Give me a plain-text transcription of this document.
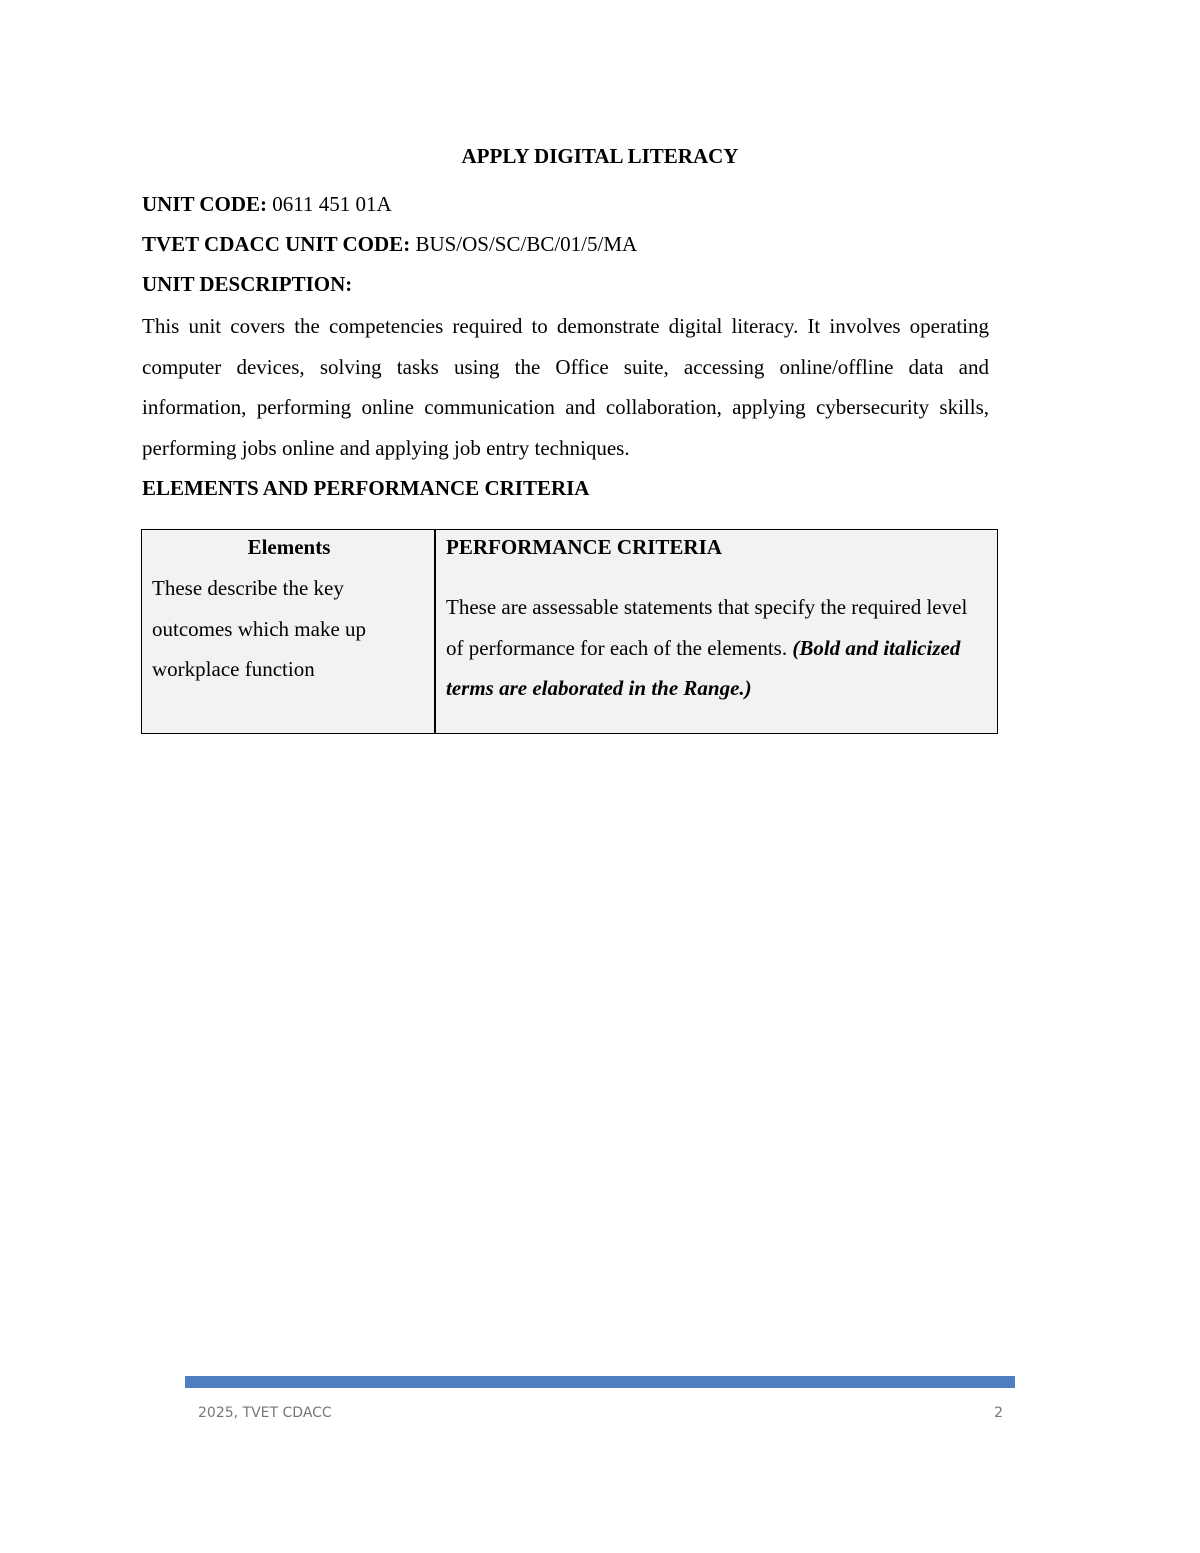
APPLY DIGITAL LITERACY

UNIT CODE: 0611 451 01A

TVET CDACC UNIT CODE: BUS/OS/SC/BC/01/5/MA

UNIT DESCRIPTION:

This unit covers the competencies required to demonstrate digital literacy. It involves operating computer devices, solving tasks using the Office suite, accessing online/offline data and information, performing online communication and collaboration, applying cybersecurity skills, performing jobs online and applying job entry techniques.

ELEMENTS AND PERFORMANCE CRITERIA

Elements

These describe the key outcomes which make up workplace function

PERFORMANCE CRITERIA

These are assessable statements that specify the required level of performance for each of the elements. (Bold and italicized terms are elaborated in the Range.)

2025, TVET CDACC	2
